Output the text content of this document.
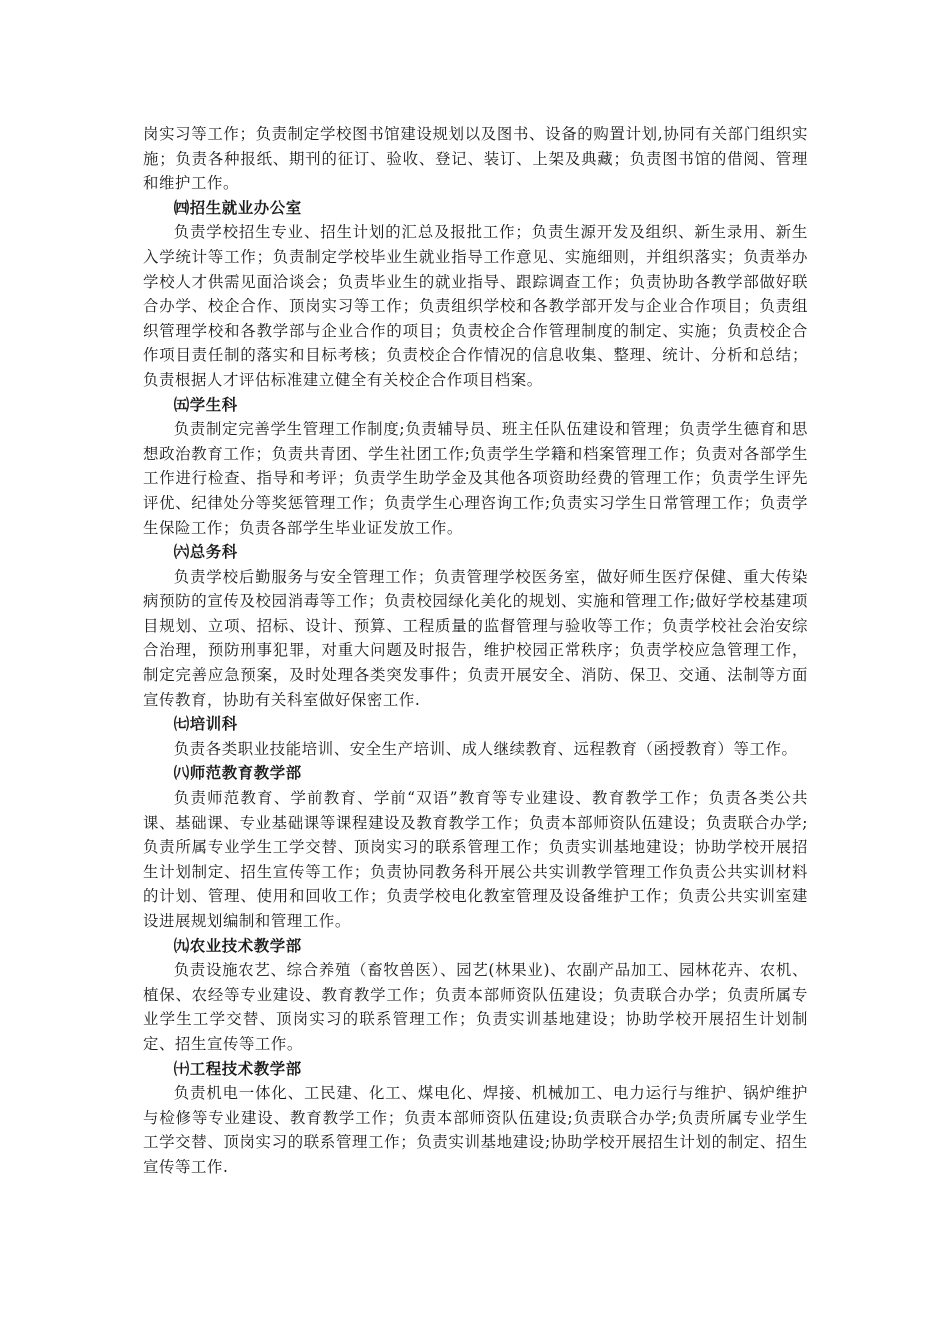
岗实习等工作；负责制定学校图书馆建设规划以及图书、设备的购置计划,协同有关部门组织实施；负责各种报纸、期刊的征订、验收、登记、装订、上架及典藏；负责图书馆的借阅、管理和维护工作。

㈣招生就业办公室

负责学校招生专业、招生计划的汇总及报批工作；负责生源开发及组织、新生录用、新生入学统计等工作；负责制定学校毕业生就业指导工作意见、实施细则，并组织落实；负责举办学校人才供需见面洽谈会；负责毕业生的就业指导、跟踪调查工作；负责协助各教学部做好联合办学、校企合作、顶岗实习等工作；负责组织学校和各教学部开发与企业合作项目；负责组织管理学校和各教学部与企业合作的项目；负责校企合作管理制度的制定、实施；负责校企合作项目责任制的落实和目标考核；负责校企合作情况的信息收集、整理、统计、分析和总结；负责根据人才评估标准建立健全有关校企合作项目档案。

㈤学生科

负责制定完善学生管理工作制度;负责辅导员、班主任队伍建设和管理；负责学生德育和思想政治教育工作；负责共青团、学生社团工作;负责学生学籍和档案管理工作；负责对各部学生工作进行检查、指导和考评；负责学生助学金及其他各项资助经费的管理工作；负责学生评先评优、纪律处分等奖惩管理工作；负责学生心理咨询工作;负责实习学生日常管理工作；负责学生保险工作；负责各部学生毕业证发放工作。

㈥总务科

负责学校后勤服务与安全管理工作；负责管理学校医务室，做好师生医疗保健、重大传染病预防的宣传及校园消毒等工作；负责校园绿化美化的规划、实施和管理工作;做好学校基建项目规划、立项、招标、设计、预算、工程质量的监督管理与验收等工作；负责学校社会治安综合治理，预防刑事犯罪，对重大问题及时报告，维护校园正常秩序；负责学校应急管理工作，制定完善应急预案，及时处理各类突发事件；负责开展安全、消防、保卫、交通、法制等方面宣传教育，协助有关科室做好保密工作.

㈦培训科

负责各类职业技能培训、安全生产培训、成人继续教育、远程教育（函授教育）等工作。

㈧师范教育教学部

负责师范教育、学前教育、学前“双语”教育等专业建设、教育教学工作；负责各类公共课、基础课、专业基础课等课程建设及教育教学工作；负责本部师资队伍建设；负责联合办学;负责所属专业学生工学交替、顶岗实习的联系管理工作；负责实训基地建设；协助学校开展招生计划制定、招生宣传等工作；负责协同教务科开展公共实训教学管理工作负责公共实训材料的计划、管理、使用和回收工作；负责学校电化教室管理及设备维护工作；负责公共实训室建设进展规划编制和管理工作。

㈨农业技术教学部

负责设施农艺、综合养殖（畜牧兽医）、园艺(林果业)、农副产品加工、园林花卉、农机、植保、农经等专业建设、教育教学工作；负责本部师资队伍建设；负责联合办学；负责所属专业学生工学交替、顶岗实习的联系管理工作；负责实训基地建设；协助学校开展招生计划制定、招生宣传等工作。

㈩工程技术教学部

负责机电一体化、工民建、化工、煤电化、焊接、机械加工、电力运行与维护、锅炉维护与检修等专业建设、教育教学工作；负责本部师资队伍建设;负责联合办学;负责所属专业学生工学交替、顶岗实习的联系管理工作；负责实训基地建设;协助学校开展招生计划的制定、招生宣传等工作.
